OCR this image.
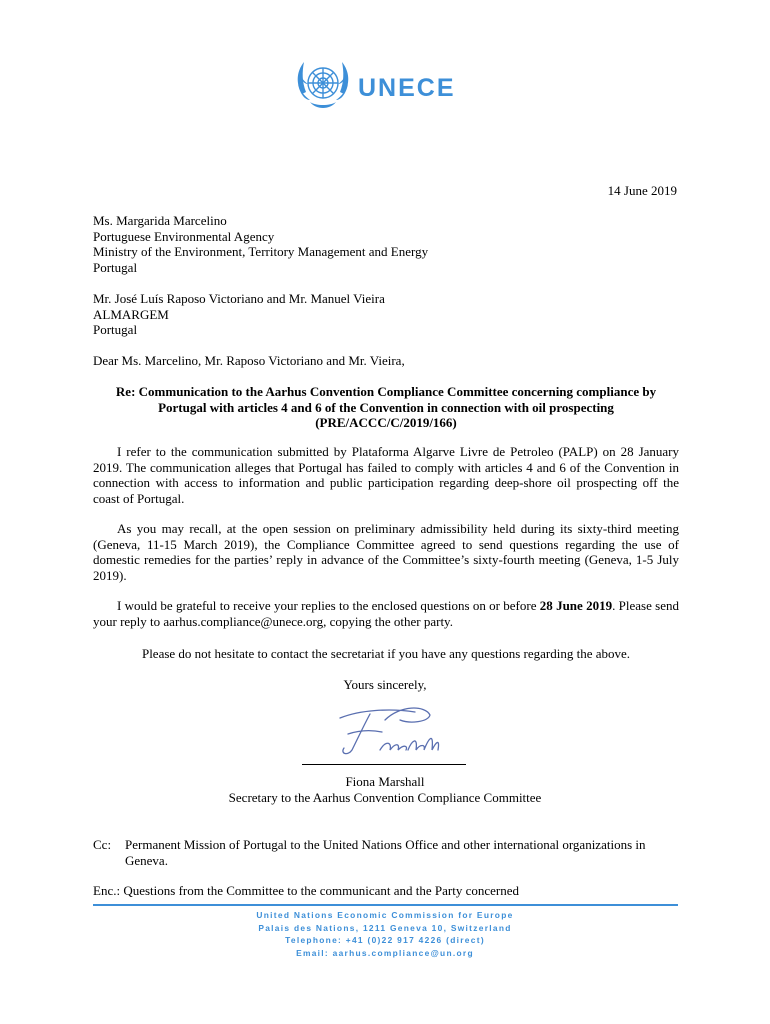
UNECE
14 June 2019
Ms. Margarida Marcelino
Portuguese Environmental Agency
Ministry of the Environment, Territory Management and Energy
Portugal
Mr. José Luís Raposo Victoriano and Mr. Manuel Vieira
ALMARGEM
Portugal
Dear Ms. Marcelino, Mr. Raposo Victoriano and Mr. Vieira,
Re: Communication to the Aarhus Convention Compliance Committee concerning compliance by Portugal with articles 4 and 6 of the Convention in connection with oil prospecting (PRE/ACCC/C/2019/166)
I refer to the communication submitted by Plataforma Algarve Livre de Petroleo (PALP) on 28 January 2019. The communication alleges that Portugal has failed to comply with articles 4 and 6 of the Convention in connection with access to information and public participation regarding deep-shore oil prospecting off the coast of Portugal.
As you may recall, at the open session on preliminary admissibility held during its sixty-third meeting (Geneva, 11-15 March 2019), the Compliance Committee agreed to send questions regarding the use of domestic remedies for the parties’ reply in advance of the Committee’s sixty-fourth meeting (Geneva, 1-5 July 2019).
I would be grateful to receive your replies to the enclosed questions on or before 28 June 2019. Please send your reply to aarhus.compliance@unece.org, copying the other party.
Please do not hesitate to contact the secretariat if you have any questions regarding the above.
Yours sincerely,
Fiona Marshall
Secretary to the Aarhus Convention Compliance Committee
Cc:	Permanent Mission of Portugal to the United Nations Office and other international organizations in Geneva.
Enc.: Questions from the Committee to the communicant and the Party concerned
United Nations Economic Commission for Europe
Palais des Nations, 1211 Geneva 10, Switzerland
Telephone: +41 (0)22 917 4226 (direct)
Email: aarhus.compliance@un.org
